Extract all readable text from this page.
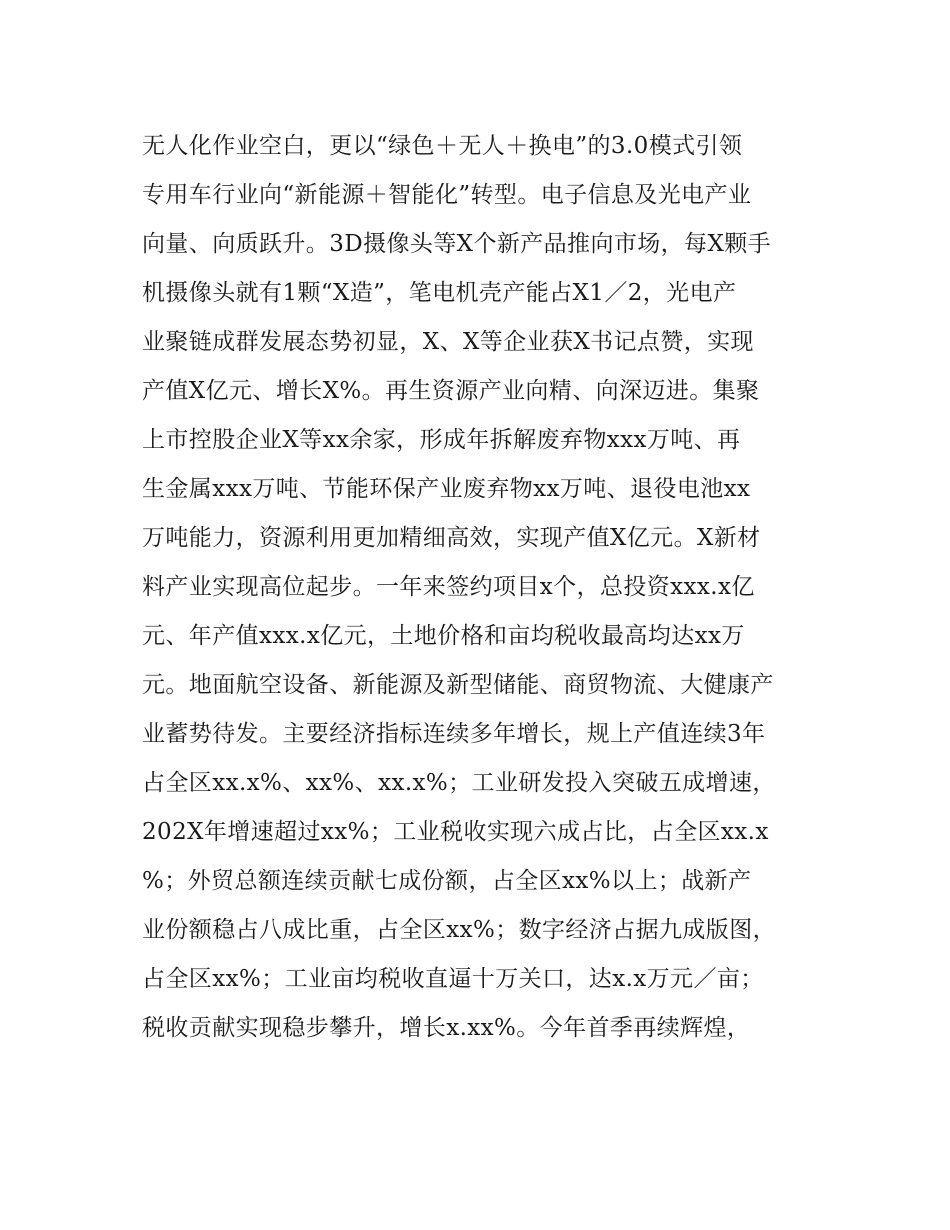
无人化作业空白，更以“绿色＋无人＋换电”的3.0模式引领
专用车行业向“新能源＋智能化”转型。电子信息及光电产业
向量、向质跃升。3D摄像头等X个新产品推向市场，每X颗手
机摄像头就有1颗“X造”，笔电机壳产能占X1／2，光电产
业聚链成群发展态势初显，X、X等企业获X书记点赞，实现
产值X亿元、增长X%。再生资源产业向精、向深迈进。集聚
上市控股企业X等xx余家，形成年拆解废弃物xxx万吨、再
生金属xxx万吨、节能环保产业废弃物xx万吨、退役电池xx
万吨能力，资源利用更加精细高效，实现产值X亿元。X新材
料产业实现高位起步。一年来签约项目x个，总投资xxx.x亿
元、年产值xxx.x亿元，土地价格和亩均税收最高均达xx万
元。地面航空设备、新能源及新型储能、商贸物流、大健康产
业蓄势待发。主要经济指标连续多年增长，规上产值连续3年
占全区xx.x%、xx%、xx.x%；工业研发投入突破五成增速，
202X年增速超过xx%；工业税收实现六成占比，占全区xx.x
%；外贸总额连续贡献七成份额，占全区xx%以上；战新产
业份额稳占八成比重，占全区xx%；数字经济占据九成版图，
占全区xx%；工业亩均税收直逼十万关口，达x.x万元／亩；
税收贡献实现稳步攀升，增长x.xx%。今年首季再续辉煌，
